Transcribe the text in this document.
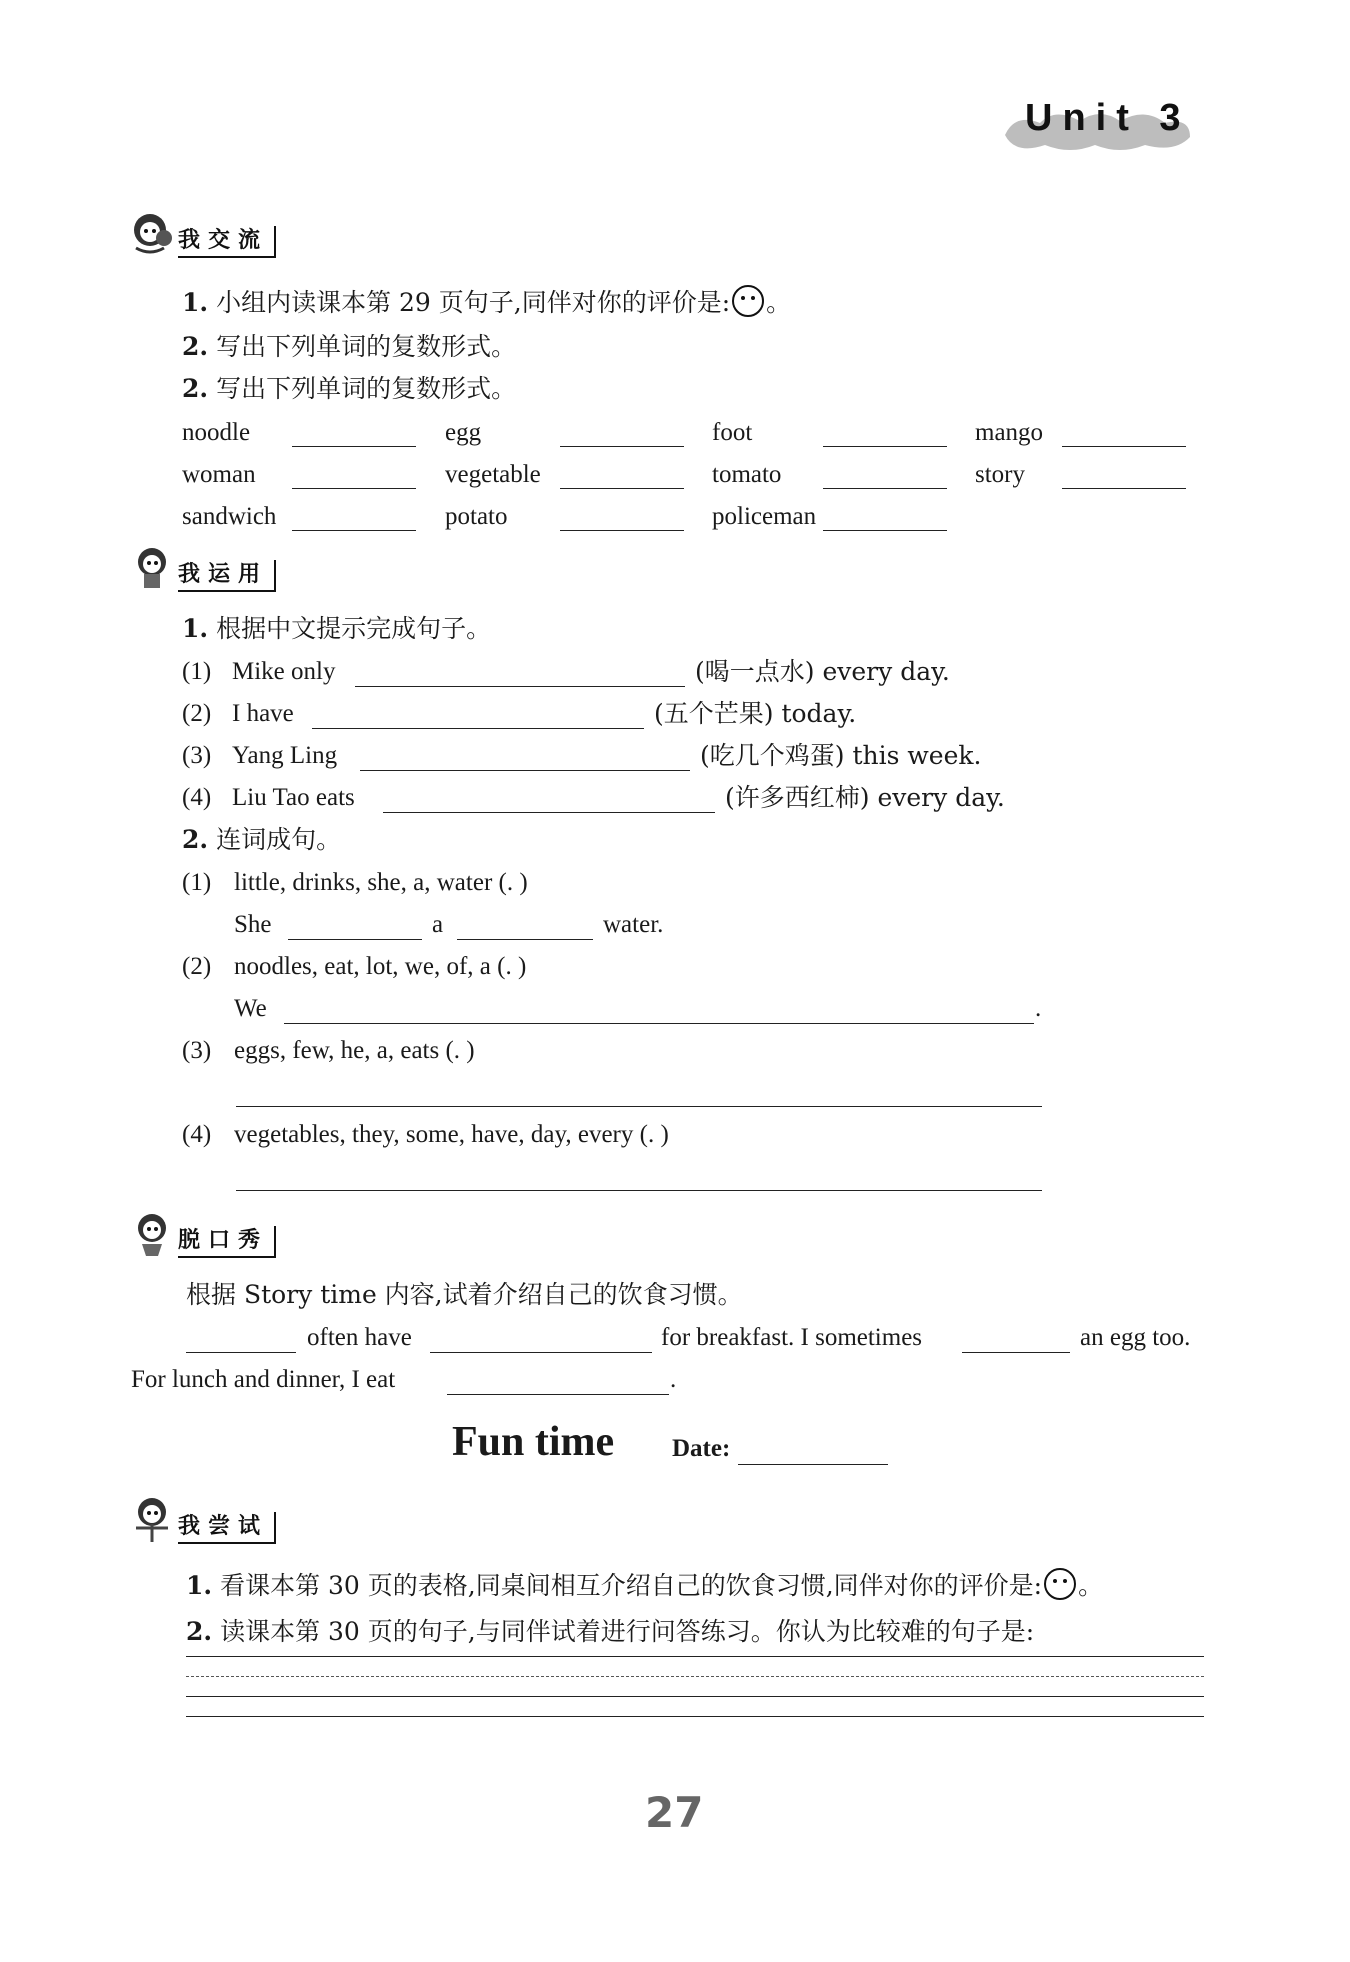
Unit 3
我交流
1. 小组内读课本第 29 页句子,同伴对你的评价是: 。
2. 写出下列单词的复数形式。
2. 写出下列单词的复数形式。
noodle	egg	foot	mango
woman	vegetable	tomato	story
sandwich	potato	policeman
我运用
1. 根据中文提示完成句子。
(1) Mike only	(喝一点水) every day.
(2) I have	(五个芒果) today.
(3) Yang Ling	(吃几个鸡蛋) this week.
(4) Liu Tao eats	(许多西红柿) every day.
2. 连词成句。
(1) little, drinks, she, a, water (. )
She	a	water.
(2) noodles, eat, lot, we, of, a (. )
We	.
(3) eggs, few, he, a, eats (. )
(4) vegetables, they, some, have, day, every (. )
脱口秀
根据 Story time 内容,试着介绍自己的饮食习惯。
often have	for breakfast. I sometimes	an egg too.
For lunch and dinner, I eat	.
Fun time Date:
我尝试
1. 看课本第 30 页的表格,同桌间相互介绍自己的饮食习惯,同伴对你的评价是: 。
2. 读课本第 30 页的句子,与同伴试着进行问答练习。你认为比较难的句子是:
27
